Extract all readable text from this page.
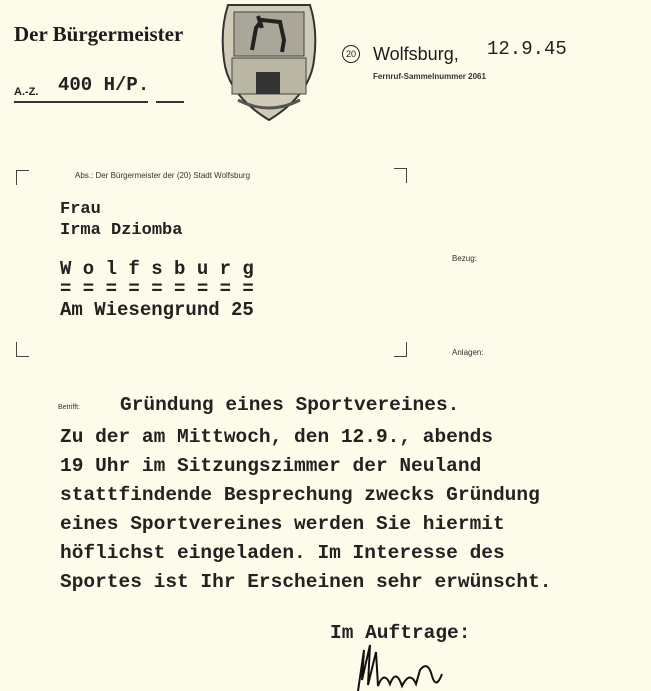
Der Bürgermeister
A.-Z. 400 H/P.
20 Wolfsburg, 12.9.45
Fernruf-Sammelnummer 2061
Abs.: Der Bürgermeister der (20) Stadt Wolfsburg
Frau
Irma Dziomba
W o l f s b u r g
= = = = = = = = =
Am Wiesengrund 25
Bezug:
Anlagen:
Betrifft: Gründung eines Sportvereines.
Zu der am Mittwoch, den 12.9., abends
19 Uhr im Sitzungszimmer der Neuland
stattfindende Besprechung zwecks Gründung
eines Sportvereines werden Sie hiermit
höflichst eingeladen. Im Interesse des
Sportes ist Ihr Erscheinen sehr erwünscht.
Im Auftrage:
